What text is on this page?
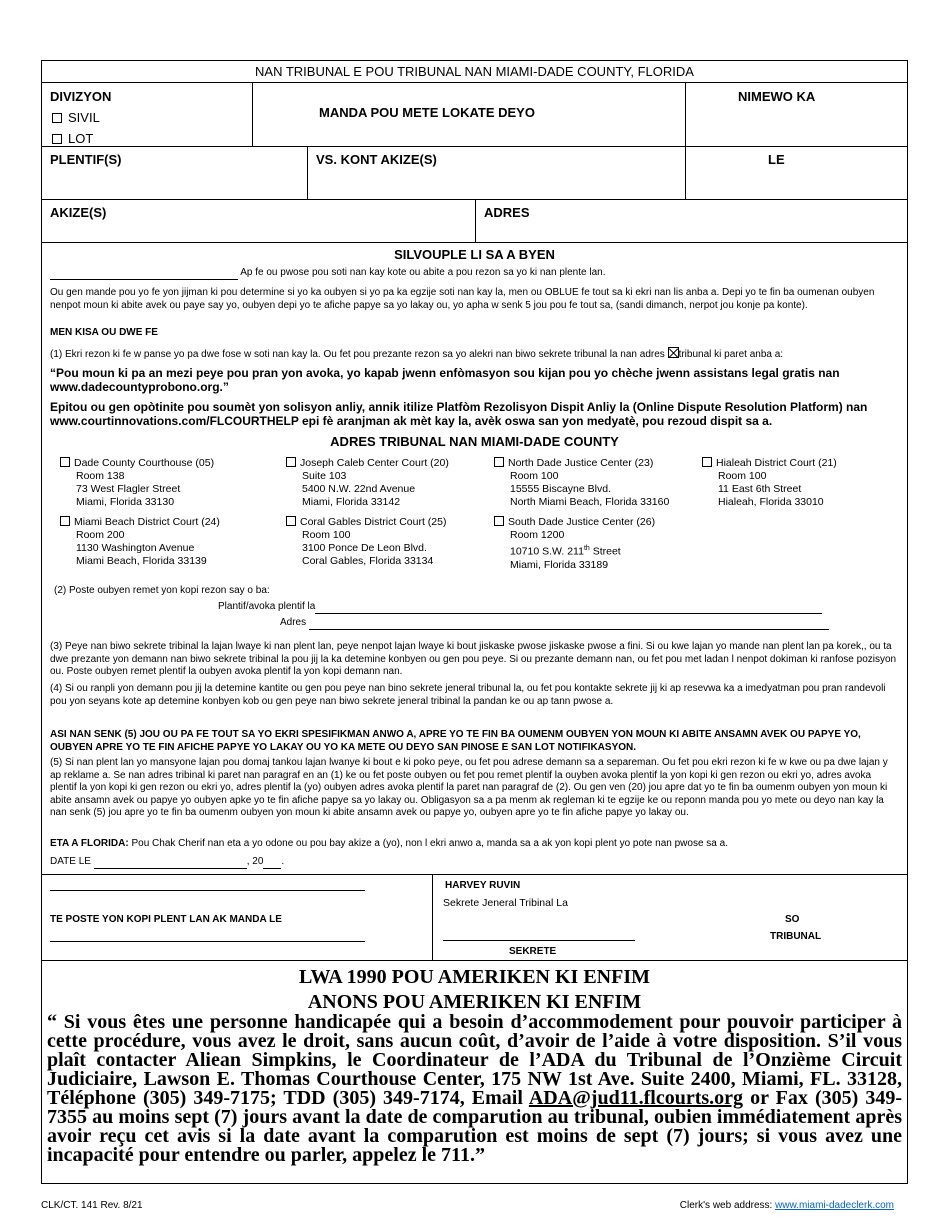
NAN TRIBUNAL E POU TRIBUNAL NAN MIAMI-DADE COUNTY, FLORIDA
DIVIZYON
SIVIL
LOT
MANDA POU METE LOKATE DEYO
NIMEWO KA
PLENTIF(S)	VS. KONT AKIZE(S)	LE
AKIZE(S)	ADRES
SILVOUPLE LI SA A BYEN
Ap fe ou pwose pou soti nan kay kote ou abite a pou rezon sa yo ki nan plente lan.
Ou gen mande pou yo fe yon jijman ki pou determine si yo ka oubyen si yo pa ka egzije soti nan kay la, men ou OBLUE fe tout sa ki ekri nan lis anba a. Depi yo te fin ba oumenan oubyen nenpot moun ki abite avek ou paye say yo, oubyen depi yo te afiche papye sa yo lakay ou, yo apha w senk 5 jou pou fe tout sa, (sandi dimanch, nerpot jou konje pa konte).
MEN KISA OU DWE FE
(1) Ekri rezon ki fe w panse yo pa dwe fose w soti nan kay la. Ou fet pou prezante rezon sa yo alekri nan biwo sekrete tribunal la nan adres tribunal ki paret anba a:
“Pou moun ki pa an mezi peye pou pran yon avoka, yo kapab jwenn enfòmasyon sou kijan pou yo chèche jwenn assistans legal gratis nan www.dadecountyprobono.org.”
Epitou ou gen opòtinite pou soumèt yon solisyon anliy, annik itilize Platfòm Rezolisyon Dispit Anliy la (Online Dispute Resolution Platform) nan www.courtinnovations.com/FLCOURTHELP epi fè aranjman ak mèt kay la, avèk oswa san yon medyatè, pou rezoud dispit sa a.
ADRES TRIBUNAL NAN MIAMI-DADE COUNTY
Dade County Courthouse (05)
Room 138
73 West Flagler Street
Miami, Florida 33130
Joseph Caleb Center Court (20)
Suite 103
5400 N.W. 22nd Avenue
Miami, Florida 33142
North Dade Justice Center (23)
Room 100
15555 Biscayne Blvd.
North Miami Beach, Florida 33160
Hialeah District Court (21)
Room 100
11 East 6th Street
Hialeah, Florida 33010
Miami Beach District Court (24)
Room 200
1130 Washington Avenue
Miami Beach, Florida 33139
Coral Gables District Court (25)
Room 100
3100 Ponce De Leon Blvd.
Coral Gables, Florida 33134
South Dade Justice Center (26)
Room 1200
10710 S.W. 211th Street
Miami, Florida 33189
(2) Poste oubyen remet yon kopi rezon say o ba:
Plantif/avoka plentif la
Adres
(3) Peye nan biwo sekrete tribinal la lajan lwaye ki nan plent lan, peye nenpot lajan lwaye ki bout jiskaske pwose jiskaske pwose a fini. Si ou kwe lajan yo mande nan plent lan pa korek,, ou ta dwe prezante yon demann nan biwo sekrete tribinal la pou jij la ka detemine konbyen ou gen pou peye. Si ou prezante demann nan, ou fet pou met ladan l nenpot dokiman ki ranfose pozisyon ou. Poste oubyen remet plentif la oubyen avoka plentif la yon kopi demann nan.
(4) Si ou ranpli yon demann pou jij la detemine kantite ou gen pou peye nan bino sekrete jeneral tribunal la, ou fet pou kontakte sekrete jij ki ap resevwa ka a imedyatman pou pran randevoli pou yon seyans kote ap detemine konbyen kob ou gen peye nan biwo sekrete jeneral tribinal la pandan ke ou ap tann pwose a.
ASI NAN SENK (5) JOU OU PA FE TOUT SA YO EKRI SPESIFIKMAN ANWO A, APRE YO TE FIN BA OUMENM OUBYEN YON MOUN KI ABITE ANSAMN AVEK OU PAPYE YO, OUBYEN APRE YO TE FIN AFICHE PAPYE YO LAKAY OU YO KA METE OU DEYO SAN PINOSE E SAN LOT NOTIFIKASYON.
(5) Si nan plent lan yo mansyone lajan pou domaj tankou lajan lwanye ki bout e ki poko peye, ou fet pou adrese demann sa a separeman. Ou fet pou ekri rezon ki fe w kwe ou pa dwe lajan y ap reklame a. Se nan adres tribinal ki paret nan paragraf en an (1) ke ou fet poste oubyen ou fet pou remet plentif la ouyben avoka plentif la yon kopi ki gen rezon ou ekri yo, adres avoka plentif la yon kopi ki gen rezon ou ekri yo, adres plentif la (yo) oubyen adres avoka plentif la paret nan paragraf de (2). Ou gen ven (20) jou apre dat yo te fin ba oumenm oubyen yon moun ki abite ansamn avek ou papye yo oubyen apke yo te fin afiche papye sa yo lakay ou. Obligasyon sa a pa menm ak regleman ki te egzije ke ou reponn manda pou yo mete ou deyo nan kay la nan senk (5) jou apre yo te fin ba oumenm oubyen yon moun ki abite ansamn avek ou papye yo, oubyen apre yo te fin afiche papye yo lakay ou.
ETA A FLORIDA: Pou Chak Cherif nan eta a yo odone ou pou bay akize a (yo), non l ekri anwo a, manda sa a ak yon kopi plent yo pote nan pwose sa a.
DATE LE	, 20 .
TE POSTE YON KOPI PLENT LAN AK MANDA LE
HARVEY RUVIN
Sekrete Jeneral Tribinal La
SO
TRIBUNAL
SEKRETE
LWA 1990 POU AMERIKEN KI ENFIM
ANONS POU AMERIKEN KI ENFIM
“ Si vous êtes une personne handicapée qui a besoin d’accommodement pour pouvoir participer à cette procédure, vous avez le droit, sans aucun coût, d’avoir de l’aide à votre disposition. S’il vous plaît contacter Aliean Simpkins, le Coordinateur de l’ADA du Tribunal de l’Onzième Circuit Judiciaire, Lawson E. Thomas Courthouse Center, 175 NW 1st Ave. Suite 2400, Miami, FL. 33128, Téléphone (305) 349-7175; TDD (305) 349-7174, Email ADA@jud11.flcourts.org or Fax (305) 349-7355 au moins sept (7) jours avant la date de comparution au tribunal, oubien immédiatement après avoir reçu cet avis si la date avant la comparution est moins de sept (7) jours; si vous avez une incapacité pour entendre ou parler, appelez le 711.”
CLK/CT. 141 Rev. 8/21	Clerk's web address: www.miami-dadeclerk.com
